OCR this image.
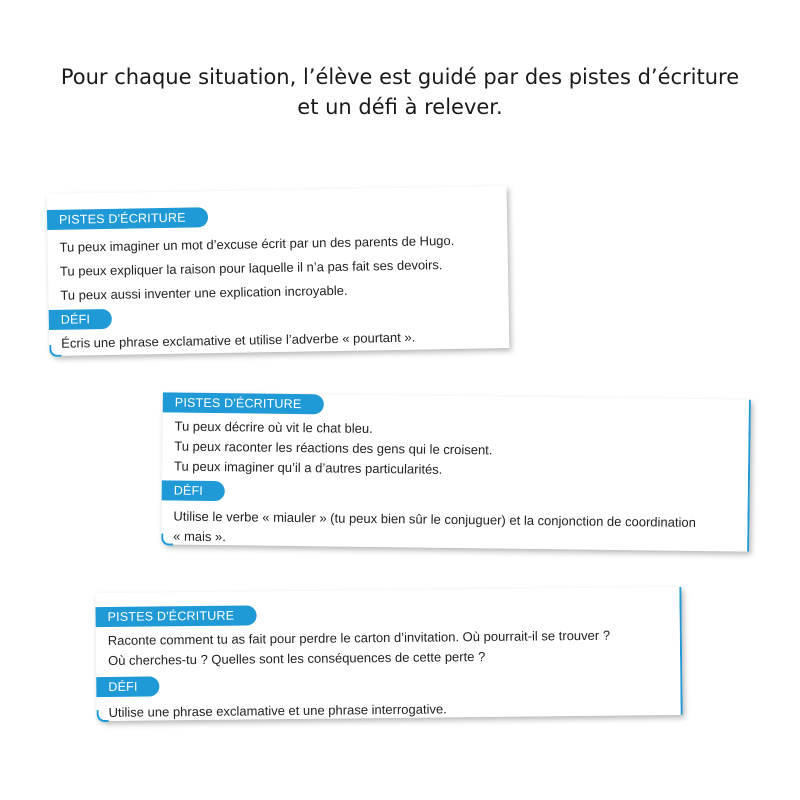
Pour chaque situation, l’élève est guidé par des pistes d’écriture
et un défi à relever.
PISTES D'ÉCRITURE
Tu peux imaginer un mot d’excuse écrit par un des parents de Hugo.
Tu peux expliquer la raison pour laquelle il n’a pas fait ses devoirs.
Tu peux aussi inventer une explication incroyable.
DÉFI
Écris une phrase exclamative et utilise l’adverbe « pourtant ».
PISTES D'ÉCRITURE
Tu peux décrire où vit le chat bleu.
Tu peux raconter les réactions des gens qui le croisent.
Tu peux imaginer qu’il a d’autres particularités.
DÉFI
Utilise le verbe « miauler » (tu peux bien sûr le conjuguer) et la conjonction de coordination
« mais ».
PISTES D'ÉCRITURE
Raconte comment tu as fait pour perdre le carton d’invitation. Où pourrait-il se trouver ?
Où cherches-tu ? Quelles sont les conséquences de cette perte ?
DÉFI
Utilise une phrase exclamative et une phrase interrogative.
